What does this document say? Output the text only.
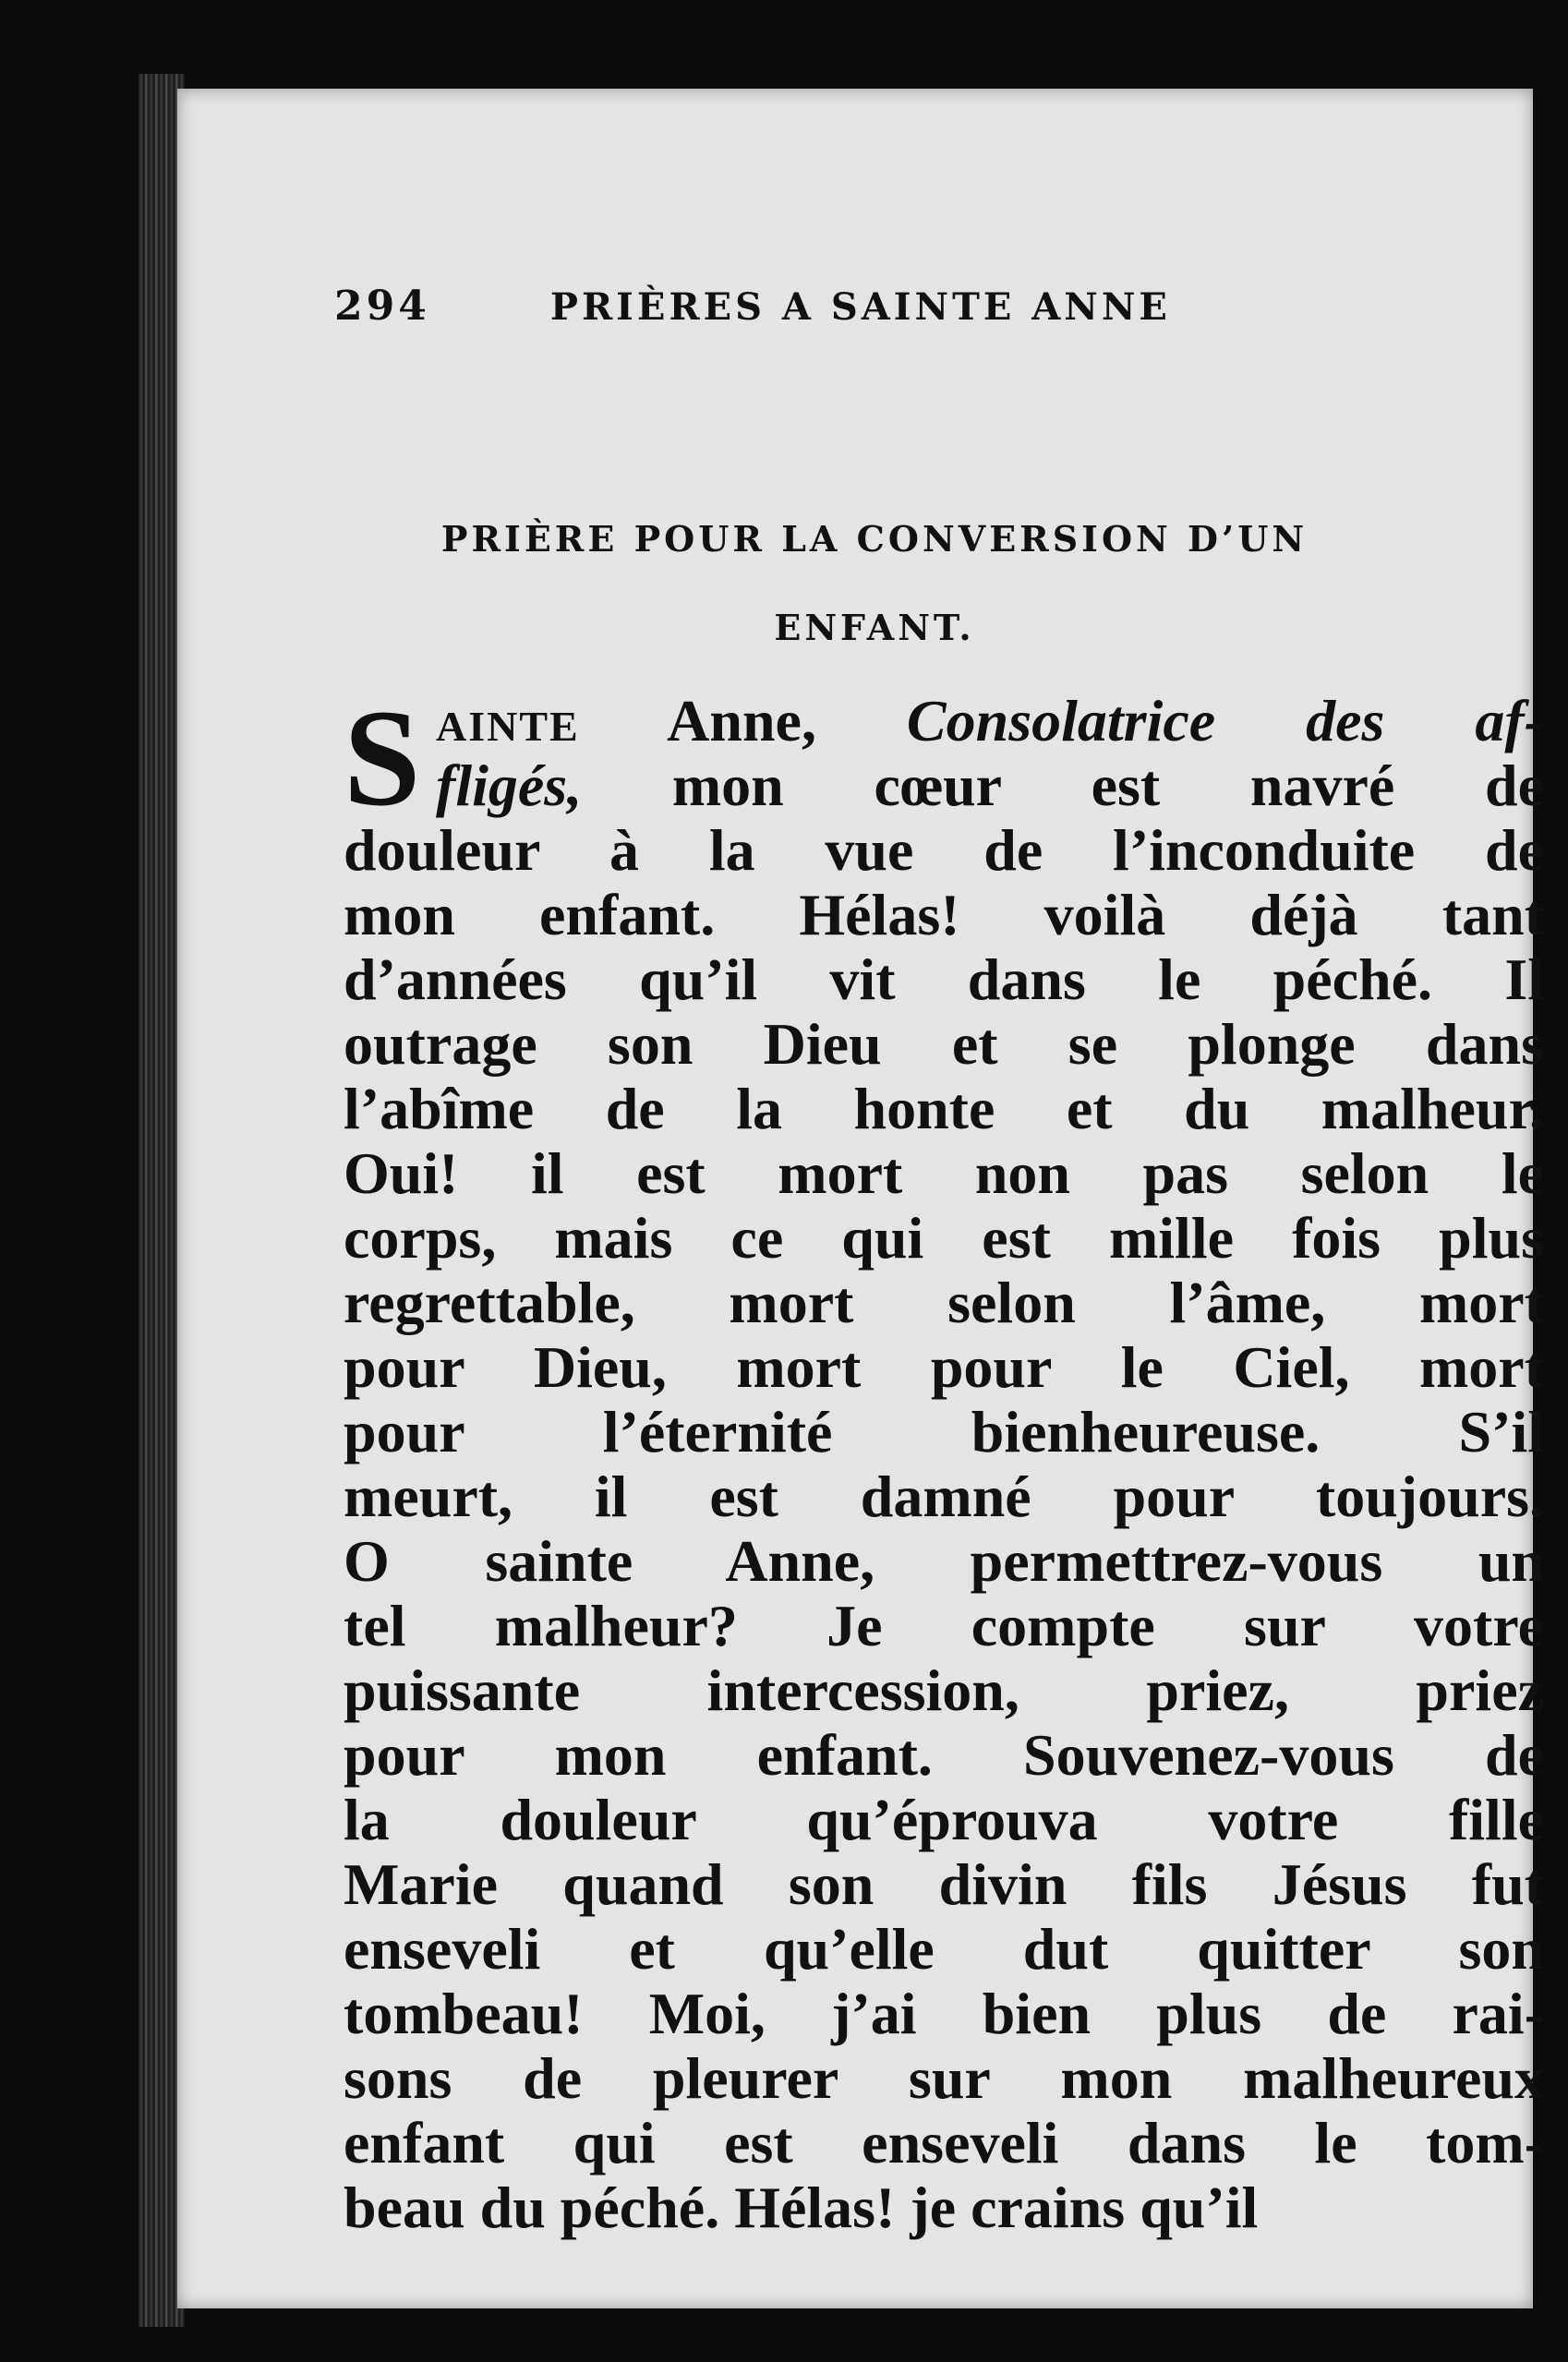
294	PRIÈRES A SAINTE ANNE
PRIÈRE POUR LA CONVERSION D’UN
ENFANT.
S AINTE Anne, Consolatrice des af-
fligés, mon cœur est navré de
douleur à la vue de l’inconduite de
mon enfant. Hélas! voilà déjà tant
d’années qu’il vit dans le péché. Il
outrage son Dieu et se plonge dans
l’abîme de la honte et du malheur.
Oui! il est mort non pas selon le
corps, mais ce qui est mille fois plus
regrettable, mort selon l’âme, mort
pour Dieu, mort pour le Ciel, mort
pour l’éternité bienheureuse. S’il
meurt, il est damné pour toujours.
O sainte Anne, permettrez-vous un
tel malheur? Je compte sur votre
puissante intercession, priez, priez
pour mon enfant. Souvenez-vous de
la douleur qu’éprouva votre fille
Marie quand son divin fils Jésus fut
enseveli et qu’elle dut quitter son
tombeau! Moi, j’ai bien plus de rai-
sons de pleurer sur mon malheureux
enfant qui est enseveli dans le tom-
beau du péché. Hélas! je crains qu’il
